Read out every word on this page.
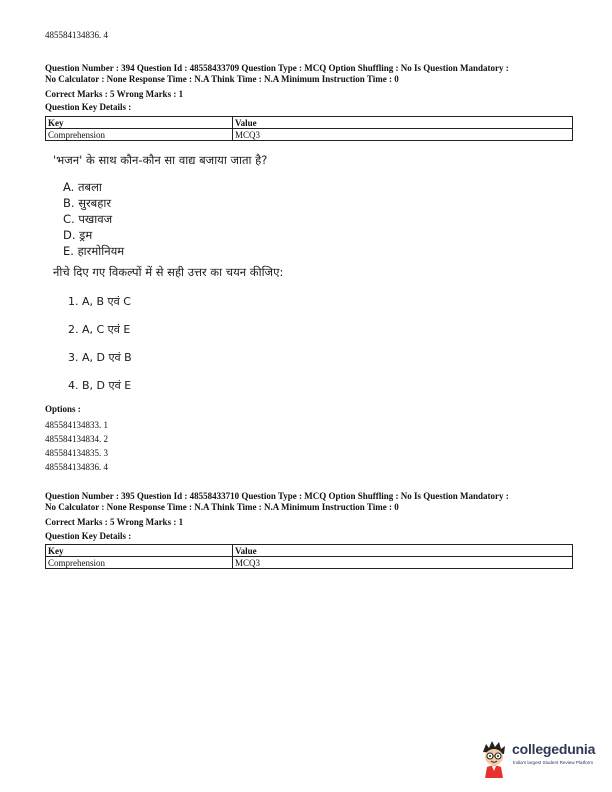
485584134836. 4
Question Number : 394 Question Id : 48558433709 Question Type : MCQ Option Shuffling : No Is Question Mandatory :
No Calculator : None Response Time : N.A Think Time : N.A Minimum Instruction Time : 0
Correct Marks : 5 Wrong Marks : 1
Question Key Details :
Key	Value
Comprehension	MCQ3
'भजन' के साथ कौन-कौन सा वाद्य बजाया जाता है?
A. तबला
B. सुरबहार
C. पखावज
D. ड्रम
E. हारमोनियम
नीचे दिए गए विकल्पों में से सही उत्तर का चयन कीजिए:
1. A, B एवं C
2. A, C एवं E
3. A, D एवं B
4. B, D एवं E
Options :
485584134833. 1
485584134834. 2
485584134835. 3
485584134836. 4
Question Number : 395 Question Id : 48558433710 Question Type : MCQ Option Shuffling : No Is Question Mandatory :
No Calculator : None Response Time : N.A Think Time : N.A Minimum Instruction Time : 0
Correct Marks : 5 Wrong Marks : 1
Question Key Details :
Key	Value
Comprehension	MCQ3
collegedunia
India's largest Student Review Platform
